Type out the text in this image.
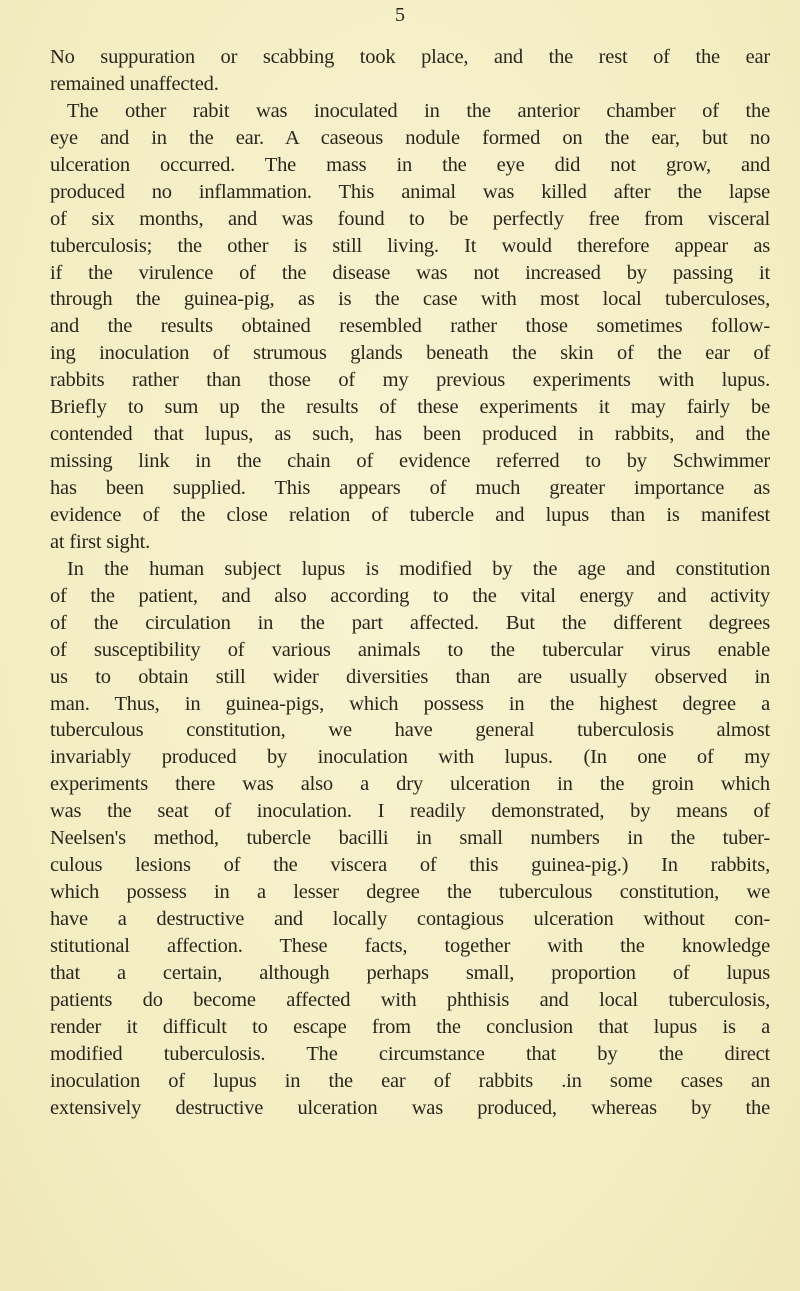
5
No suppuration or scabbing took place, and the rest of the ear
remained unaffected.
The other rabit was inoculated in the anterior chamber of the
eye and in the ear. A caseous nodule formed on the ear, but no
ulceration occurred. The mass in the eye did not grow, and
produced no inflammation. This animal was killed after the lapse
of six months, and was found to be perfectly free from visceral
tuberculosis; the other is still living. It would therefore appear as
if the virulence of the disease was not increased by passing it
through the guinea-pig, as is the case with most local tuberculoses,
and the results obtained resembled rather those sometimes follow-
ing inoculation of strumous glands beneath the skin of the ear of
rabbits rather than those of my previous experiments with lupus.
Briefly to sum up the results of these experiments it may fairly be
contended that lupus, as such, has been produced in rabbits, and the
missing link in the chain of evidence referred to by Schwimmer
has been supplied. This appears of much greater importance as
evidence of the close relation of tubercle and lupus than is manifest
at first sight.
In the human subject lupus is modified by the age and constitution
of the patient, and also according to the vital energy and activity
of the circulation in the part affected. But the different degrees
of susceptibility of various animals to the tubercular virus enable
us to obtain still wider diversities than are usually observed in
man. Thus, in guinea-pigs, which possess in the highest degree a
tuberculous constitution, we have general tuberculosis almost
invariably produced by inoculation with lupus. (In one of my
experiments there was also a dry ulceration in the groin which
was the seat of inoculation. I readily demonstrated, by means of
Neelsen's method, tubercle bacilli in small numbers in the tuber-
culous lesions of the viscera of this guinea-pig.) In rabbits,
which possess in a lesser degree the tuberculous constitution, we
have a destructive and locally contagious ulceration without con-
stitutional affection. These facts, together with the knowledge
that a certain, although perhaps small, proportion of lupus
patients do become affected with phthisis and local tuberculosis,
render it difficult to escape from the conclusion that lupus is a
modified tuberculosis. The circumstance that by the direct
inoculation of lupus in the ear of rabbits .in some cases an
extensively destructive ulceration was produced, whereas by the
